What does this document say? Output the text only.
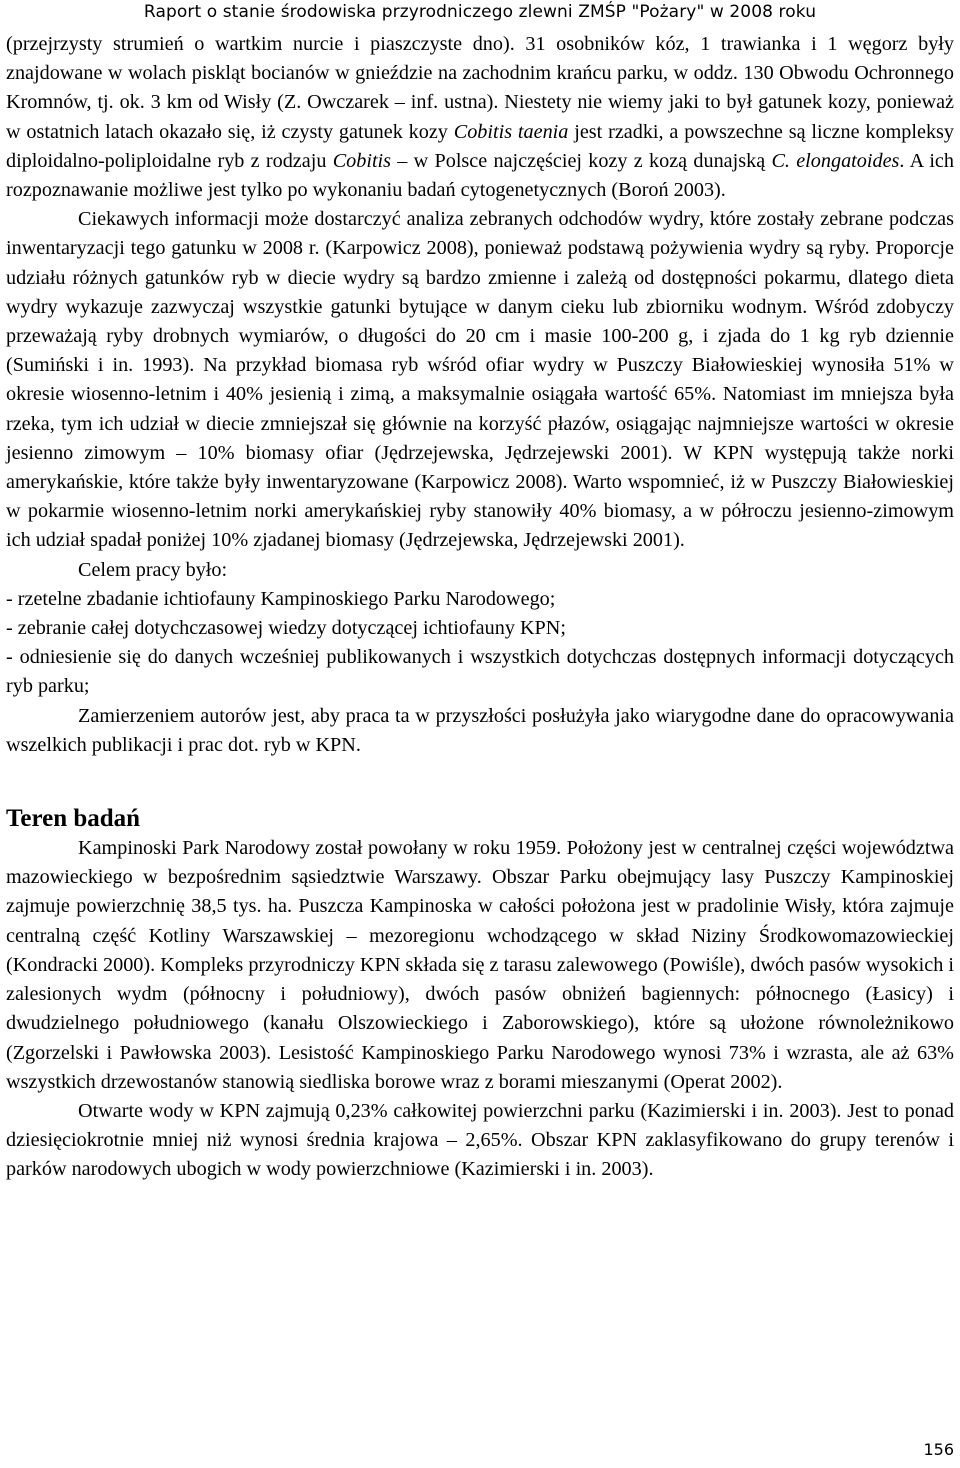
Raport o stanie środowiska przyrodniczego zlewni ZMŚP "Pożary" w 2008 roku

(przejrzysty strumień o wartkim nurcie i piaszczyste dno). 31 osobników kóz, 1 trawianka i 1 węgorz były znajdowane w wolach piskląt bocianów w gnieździe na zachodnim krańcu parku, w oddz. 130 Obwodu Ochronnego Kromnów, tj. ok. 3 km od Wisły (Z. Owczarek – inf. ustna). Niestety nie wiemy jaki to był gatunek kozy, ponieważ w ostatnich latach okazało się, iż czysty gatunek kozy Cobitis taenia jest rzadki, a powszechne są liczne kompleksy diploidalno-poliploidalne ryb z rodzaju Cobitis – w Polsce najczęściej kozy z kozą dunajską C. elongatoides. A ich rozpoznawanie możliwe jest tylko po wykonaniu badań cytogenetycznych (Boroń 2003).

Ciekawych informacji może dostarczyć analiza zebranych odchodów wydry, które zostały zebrane podczas inwentaryzacji tego gatunku w 2008 r. (Karpowicz 2008), ponieważ podstawą pożywienia wydry są ryby. Proporcje udziału różnych gatunków ryb w diecie wydry są bardzo zmienne i zależą od dostępności pokarmu, dlatego dieta wydry wykazuje zazwyczaj wszystkie gatunki bytujące w danym cieku lub zbiorniku wodnym. Wśród zdobyczy przeważają ryby drobnych wymiarów, o długości do 20 cm i masie 100-200 g, i zjada do 1 kg ryb dziennie (Sumiński i in. 1993). Na przykład biomasa ryb wśród ofiar wydry w Puszczy Białowieskiej wynosiła 51% w okresie wiosenno-letnim i 40% jesienią i zimą, a maksymalnie osiągała wartość 65%. Natomiast im mniejsza była rzeka, tym ich udział w diecie zmniejszał się głównie na korzyść płazów, osiągając najmniejsze wartości w okresie jesienno zimowym – 10% biomasy ofiar (Jędrzejewska, Jędrzejewski 2001). W KPN występują także norki amerykańskie, które także były inwentaryzowane (Karpowicz 2008). Warto wspomnieć, iż w Puszczy Białowieskiej w pokarmie wiosenno-letnim norki amerykańskiej ryby stanowiły 40% biomasy, a w półroczu jesienno-zimowym ich udział spadał poniżej 10% zjadanej biomasy (Jędrzejewska, Jędrzejewski 2001).

Celem pracy było:

- rzetelne zbadanie ichtiofauny Kampinoskiego Parku Narodowego;

- zebranie całej dotychczasowej wiedzy dotyczącej ichtiofauny KPN;

- odniesienie się do danych wcześniej publikowanych i wszystkich dotychczas dostępnych informacji dotyczących ryb parku;

Zamierzeniem autorów jest, aby praca ta w przyszłości posłużyła jako wiarygodne dane do opracowywania wszelkich publikacji i prac dot. ryb w KPN.

Teren badań

Kampinoski Park Narodowy został powołany w roku 1959. Położony jest w centralnej części województwa mazowieckiego w bezpośrednim sąsiedztwie Warszawy. Obszar Parku obejmujący lasy Puszczy Kampinoskiej zajmuje powierzchnię 38,5 tys. ha. Puszcza Kampinoska w całości położona jest w pradolinie Wisły, która zajmuje centralną część Kotliny Warszawskiej – mezoregionu wchodzącego w skład Niziny Środkowomazowieckiej (Kondracki 2000). Kompleks przyrodniczy KPN składa się z tarasu zalewowego (Powiśle), dwóch pasów wysokich i zalesionych wydm (północny i południowy), dwóch pasów obniżeń bagiennych: północnego (Łasicy) i dwudzielnego południowego (kanału Olszowieckiego i Zaborowskiego), które są ułożone równoleżnikowo (Zgorzelski i Pawłowska 2003). Lesistość Kampinoskiego Parku Narodowego wynosi 73% i wzrasta, ale aż 63% wszystkich drzewostanów stanowią siedliska borowe wraz z borami mieszanymi (Operat 2002).

Otwarte wody w KPN zajmują 0,23% całkowitej powierzchni parku (Kazimierski i in. 2003). Jest to ponad dziesięciokrotnie mniej niż wynosi średnia krajowa – 2,65%. Obszar KPN zaklasyfikowano do grupy terenów i parków narodowych ubogich w wody powierzchniowe (Kazimierski i in. 2003).

156
